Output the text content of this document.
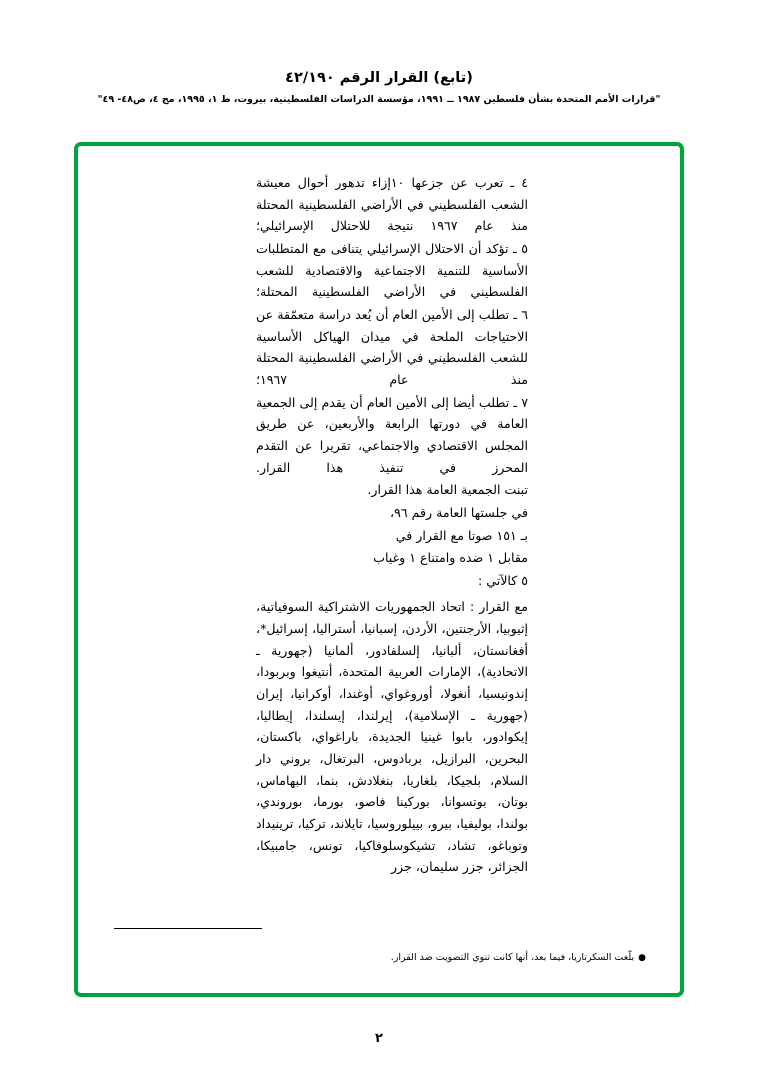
(تابع) القرار الرقم ٤٢/١٩٠
"قرارات الأمم المتحدة بشأن فلسطين ١٩٨٧ ــ ١٩٩١، مؤسسة الدراسات الفلسطينية، بيروت، ط ١، ١٩٩٥، مج ٤، ص٤٨- ٤٩"

٤ ـ تعرب عن جزعها ١٠إزاء تدهور أحوال معيشة الشعب الفلسطيني في الأراضي الفلسطينية المحتلة منذ عام ١٩٦٧ نتيجة للاحتلال الإسرائيلي؛

٥ ـ تؤكد أن الاحتلال الإسرائيلي يتنافى مع المتطلبات الأساسية للتنمية الاجتماعية والاقتصادية للشعب الفلسطيني في الأراضي الفلسطينية المحتلة؛

٦ ـ تطلب إلى الأمين العام أن يُعد دراسة متعمّقة عن الاحتياجات الملحة في ميدان الهياكل الأساسية للشعب الفلسطيني في الأراضي الفلسطينية المحتلة منذ عام ١٩٦٧؛

٧ ـ تطلب أيضا إلى الأمين العام أن يقدم إلى الجمعية العامة في دورتها الرابعة والأربعين، عن طريق المجلس الاقتصادي والاجتماعي، تقريرا عن التقدم المحرز في تنفيذ هذا القرار.

تبنت الجمعية العامة هذا القرار.

في جلستها العامة رقم ٩٦،

بـ ١٥١ صوتا مع القرار في

مقابل ١ ضده وامتناع ١ وغياب

٥ كالآتي :

مع القرار : اتحاد الجمهوريات الاشتراكية السوفياتية، إثيوبيا، الأرجنتين، الأردن، إسبانيا، أستراليا، إسرائيل*، أفغانستان، ألبانيا، إلسلفادور، ألمانيا (جهورية ـ الاتحادية)، الإمارات العربية المتحدة، أنتيغوا وبربودا، إندونيسيا، أنغولا، أوروغواي، أوغندا، أوكرانيا، إيران (جهورية ـ الإسلامية)، إيرلندا، إيسلندا، إيطاليا، إيكوادور، بابوا غينيا الجديدة، باراغواي، باكستان، البحرين، البرازيل، بربادوس، البرتغال، بروني دار السلام، بلجيكا، بلغاريا، بنغلادش، بنما، البهاماس، بوتان، بوتسوانا، بوركينا فاصو، بورما، بوروندي، بولندا، بوليفيا، بيرو، بييلوروسيا، تايلاند، تركيا، ترينيداد وتوباغو، تشاد، تشيكوسلوفاكيا، تونس، جامبيكا، الجزائر، جزر سليمان، جزر

●بلّغت السكرتاريا، فيما بعد، أنها كانت تنوي التصويت ضد القرار.
٢
